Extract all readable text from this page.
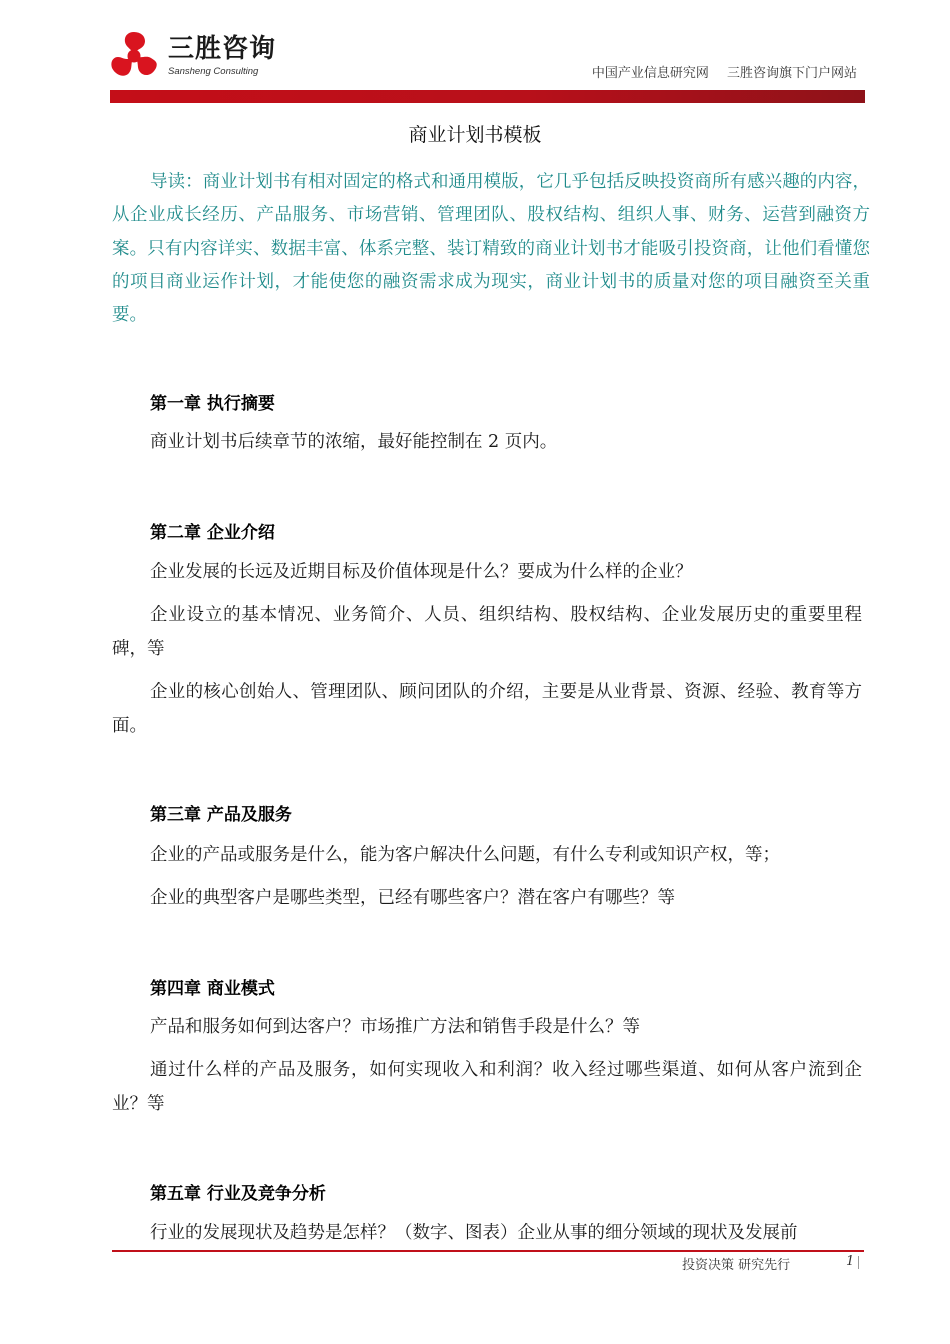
三胜咨询
Sansheng Consulting	中国产业信息研究网 三胜咨询旗下门户网站
商业计划书模板
导读：商业计划书有相对固定的格式和通用模版，它几乎包括反映投资商所有感兴趣的内容，从企业成长经历、产品服务、市场营销、管理团队、股权结构、组织人事、财务、运营到融资方案。只有内容详实、数据丰富、体系完整、装订精致的商业计划书才能吸引投资商，让他们看懂您的项目商业运作计划，才能使您的融资需求成为现实，商业计划书的质量对您的项目融资至关重要。
第一章 执行摘要
商业计划书后续章节的浓缩，最好能控制在 2 页内。
第二章 企业介绍
企业发展的长远及近期目标及价值体现是什么？要成为什么样的企业？
企业设立的基本情况、业务简介、人员、组织结构、股权结构、企业发展历史的重要里程碑，等
企业的核心创始人、管理团队、顾问团队的介绍，主要是从业背景、资源、经验、教育等方面。
第三章 产品及服务
企业的产品或服务是什么，能为客户解决什么问题，有什么专利或知识产权，等；
企业的典型客户是哪些类型，已经有哪些客户？潜在客户有哪些？等
第四章 商业模式
产品和服务如何到达客户？市场推广方法和销售手段是什么？等
通过什么样的产品及服务，如何实现收入和利润？收入经过哪些渠道、如何从客户流到企业？等
第五章 行业及竞争分析
行业的发展现状及趋势是怎样？（数字、图表）企业从事的细分领域的现状及发展前
投资决策 研究先行	1
